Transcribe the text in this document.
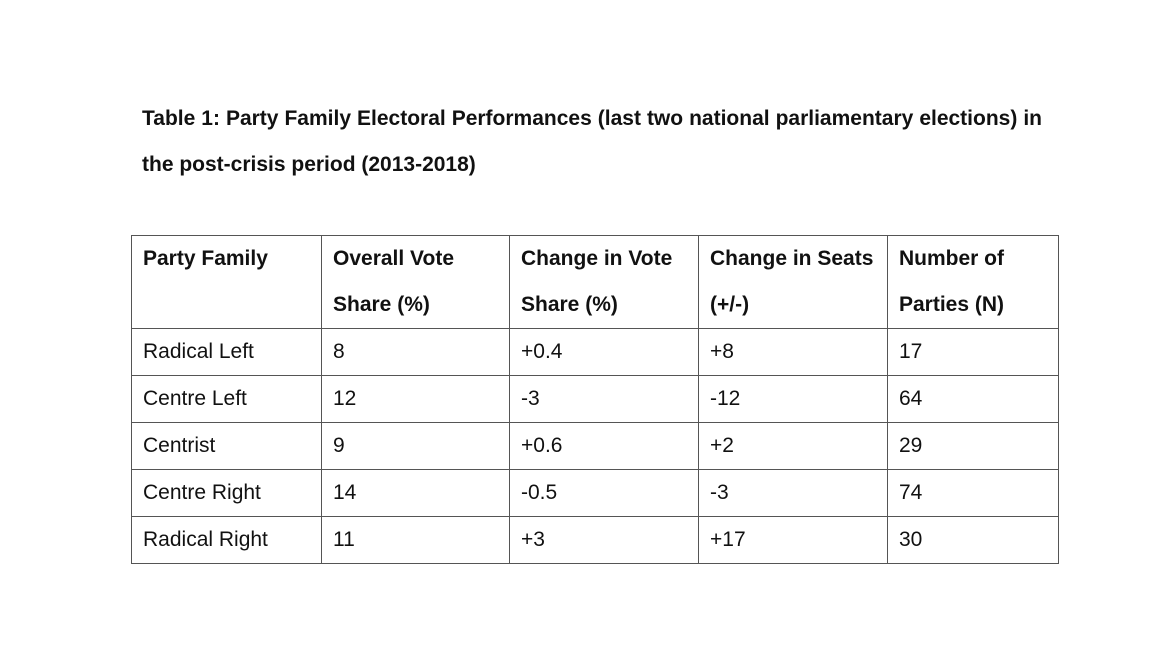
Table 1: Party Family Electoral Performances (last two national parliamentary elections) in the post-crisis period (2013-2018)

Party Family	Overall Vote Share (%)	Change in Vote Share (%)	Change in Seats (+/-)	Number of Parties (N)
Radical Left	8	+0.4	+8	17
Centre Left	12	-3	-12	64
Centrist	9	+0.6	+2	29
Centre Right	14	-0.5	-3	74
Radical Right	11	+3	+17	30
